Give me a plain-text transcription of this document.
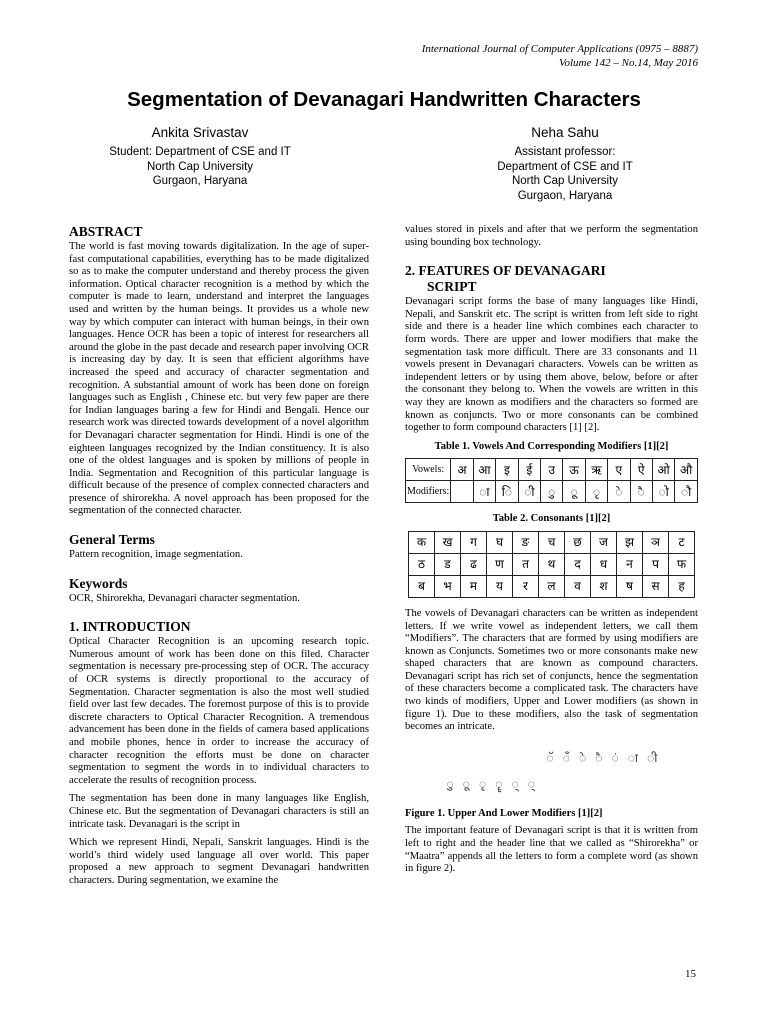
International Journal of Computer Applications (0975 – 8887)
Volume 142 – No.14, May 2016
Segmentation of Devanagari Handwritten Characters
Ankita Srivastav
Student: Department of CSE and IT
North Cap University
Gurgaon, Haryana
Neha Sahu
Assistant professor:
Department of CSE and IT
North Cap University
Gurgaon, Haryana
ABSTRACT

The world is fast moving towards digitalization. In the age of super-fast computational capabilities, everything has to be made digitalized so as to make the computer understand and thereby process the given information. Optical character recognition is a method by which the computer is made to learn, understand and interpret the languages used and written by the human beings. It provides us a whole new way by which computer can interact with human beings, in their own languages. Hence OCR has been a topic of interest for researchers all around the globe in the past decade and research paper involving OCR is increasing day by day. It is seen that efficient algorithms have increased the speed and accuracy of character segmentation and recognition. A substantial amount of work has been done on foreign languages such as English , Chinese etc. but very few paper are there for Indian languages baring a few for Hindi and Bengali. Hence our research work was directed towards development of a novel algorithm for Devanagari character segmentation for Hindi. Hindi is one of the eighteen languages recognized by the Indian constituency. It is also one of the oldest languages and is spoken by millions of people in India. Segmentation and Recognition of this particular language is difficult because of the presence of complex connected characters and presence of shirorekha. A novel approach has been proposed for the segmentation of the connected character.

General Terms

Pattern recognition, image segmentation.

Keywords

OCR, Shirorekha, Devanagari character segmentation.

1. INTRODUCTION

Optical Character Recognition is an upcoming research topic. Numerous amount of work has been done on this filed. Character segmentation is necessary pre-processing step of OCR. The accuracy of OCR systems is directly proportional to the accuracy of Segmentation. Character segmentation is also the most well studied field over last few decades. The foremost purpose of this is to provide discrete characters to Optical Character Recognition. A tremendous advancement has been done in the fields of camera based applications and mobile phones, hence in order to increase the accuracy of character recognition the efforts must be done on character segmentation to segment the words in to individual characters to accelerate the results of recognition process.

The segmentation has been done in many languages like English, Chinese etc. But the segmentation of Devanagari characters is still an intricate task. Devanagari is the script in

Which we represent Hindi, Nepali, Sanskrit languages. Hindi is the world’s third widely used language all over world. This paper proposed a new approach to segment Devanagari handwritten characters. During segmentation, we examine the

values stored in pixels and after that we perform the segmentation using bounding box technology.

2. FEATURES OF DEVANAGARI
SCRIPT

Devanagari script forms the base of many languages like Hindi, Nepali, and Sanskrit etc. The script is written from left side to right side and there is a header line which combines each character to form words. There are upper and lower modifiers that make the segmentation task more difficult. There are 33 consonants and 11 vowels present in Devanagari characters. Vowels can be written as independent letters or by using them above, below, before or after the consonant they belong to. When the vowels are written in this way they are known as modifiers and the characters so formed are known as conjuncts. Two or more consonants can be combined together to form compound characters [1] [2].

Table 1. Vowels And Corresponding Modifiers [1][2]
Vowels:	अ	आ	इ	ई	उ	ऊ	ऋ	ए	ऐ	ओ	औ
Modifiers:		ा	ि	ी	ु	ू	ृ	े	ै	ो	ौ
Table 2. Consonants [1][2]
क	ख	ग	घ	ङ	च	छ	ज	झ	ञ	ट
ठ	ड	ढ	ण	त	थ	द	ध	न	प	फ
ब	भ	म	य	र	ल	व	श	ष	स	ह

The vowels of Devanagari characters can be written as independent letters. If we write vowel as independent letters, we call them “Modifiers”. The characters that are formed by using modifiers are known as Conjuncts. Sometimes two or more consonants make new shaped characters that are known as compound characters. Devanagari script has rich set of conjuncts, hence the segmentation of these characters become a complicated task. The characters have two kinds of modifiers, Upper and Lower modifiers (as shown in figure 1). Due to these modifiers, also the task of segmentation becomes an intricate.

ॅ ँ े ै ं ा ी
ु ू ृ ॄ ् ्
Figure 1. Upper And Lower Modifiers [1][2]

The important feature of Devanagari script is that it is written from left to right and the header line that we called as “Shirorekha” or “Maatra” appends all the letters to form a complete word (as shown in figure 2).

15
